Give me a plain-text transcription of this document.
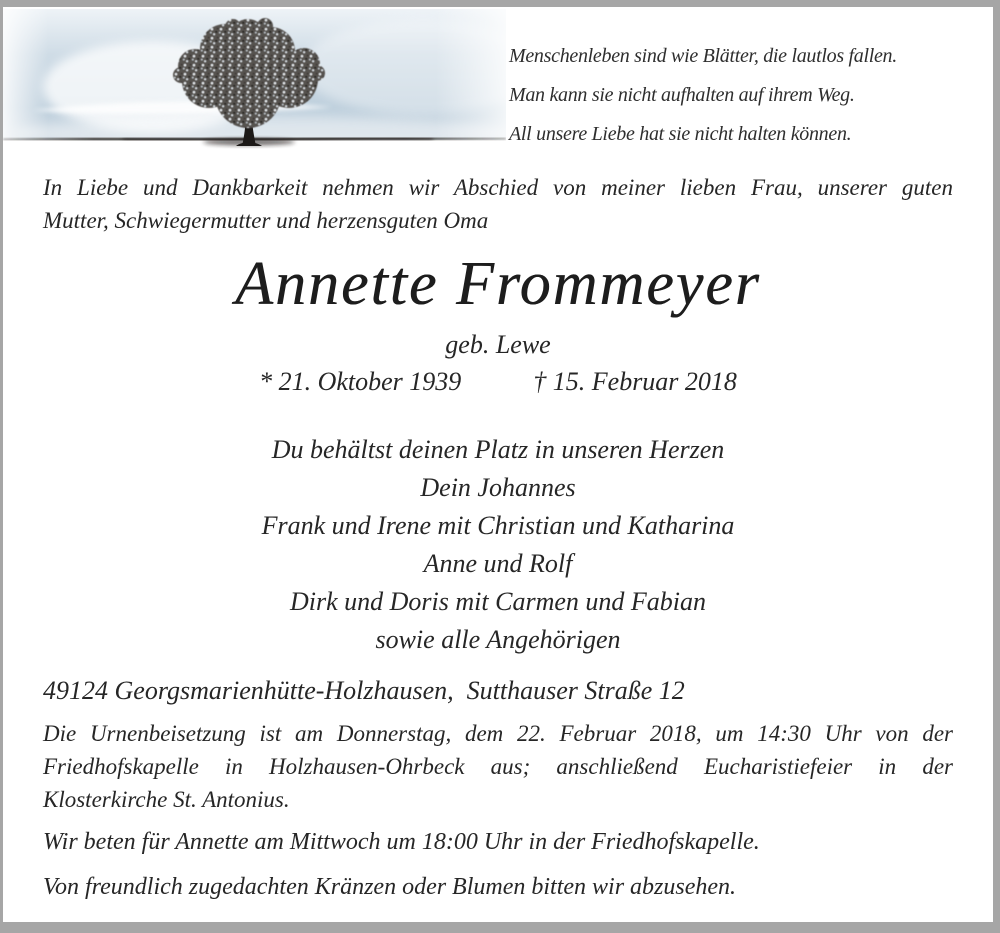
Menschenleben sind wie Blätter, die lautlos fallen.
Man kann sie nicht aufhalten auf ihrem Weg.
All unsere Liebe hat sie nicht halten können.
In Liebe und Dankbarkeit nehmen wir Abschied von meiner lieben Frau, unserer guten
Mutter, Schwiegermutter und herzensguten Oma
Annette Frommeyer
geb. Lewe
* 21. Oktober 1939	† 15. Februar 2018
Du behältst deinen Platz in unseren Herzen
Dein Johannes
Frank und Irene mit Christian und Katharina
Anne und Rolf
Dirk und Doris mit Carmen und Fabian
sowie alle Angehörigen
49124 Georgsmarienhütte-Holzhausen,  Sutthauser Straße 12
Die Urnenbeisetzung ist am Donnerstag, dem 22. Februar 2018, um 14:30 Uhr von der
Friedhofskapelle in Holzhausen-Ohrbeck aus; anschließend Eucharistiefeier in der
Klosterkirche St. Antonius.
Wir beten für Annette am Mittwoch um 18:00 Uhr in der Friedhofskapelle.
Von freundlich zugedachten Kränzen oder Blumen bitten wir abzusehen.
